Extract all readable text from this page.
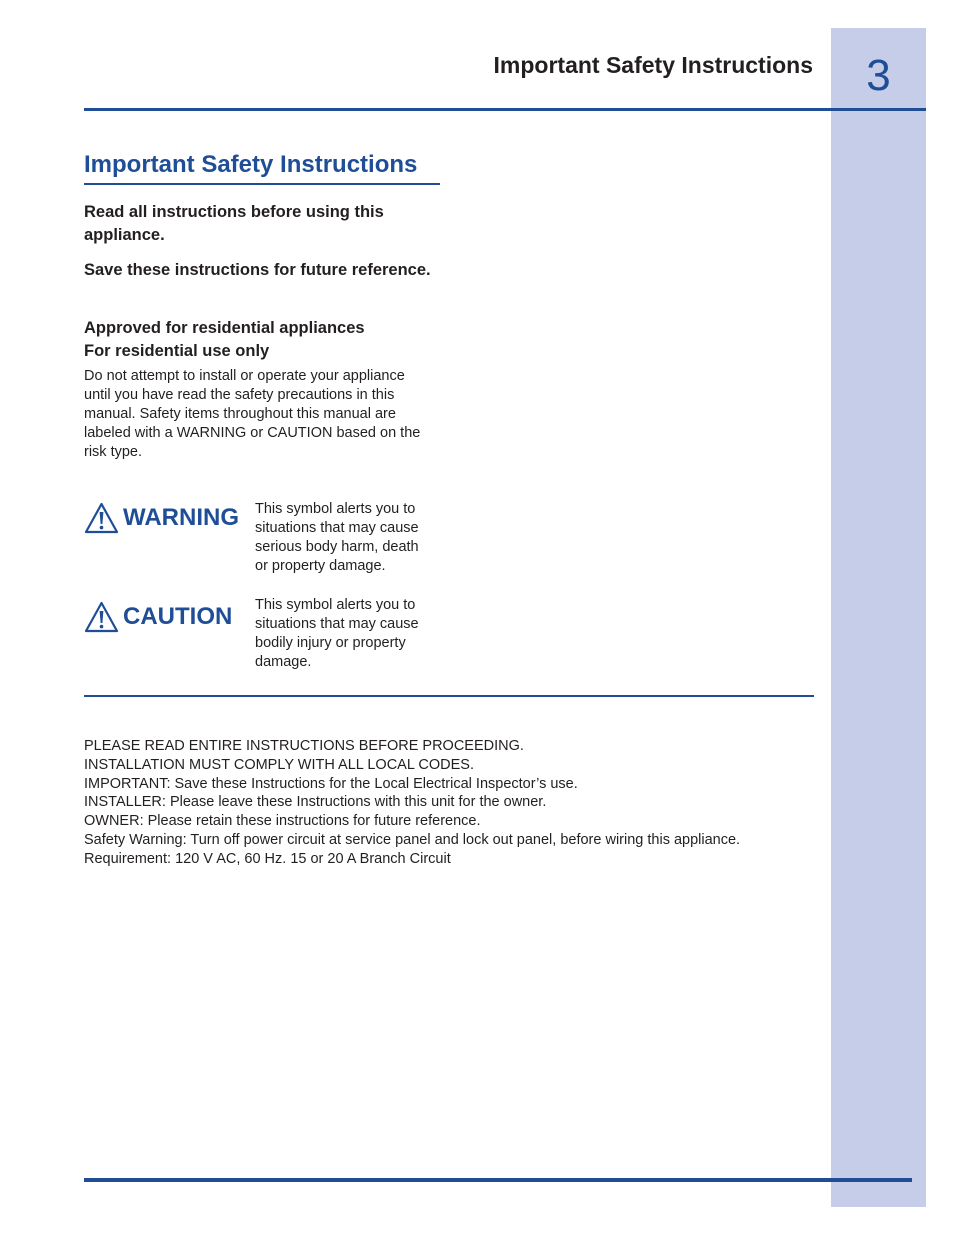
3
Important Safety Instructions
Important Safety Instructions
Read all instructions before using this appliance.
Save these instructions for future reference.
Approved for residential appliances
For residential use only
Do not attempt to install or operate your appliance until you have read the safety precautions in this manual. Safety items throughout this manual are labeled with a WARNING or CAUTION based on the risk type.
WARNING This symbol alerts you to situations that may cause serious body harm, death or property damage.
CAUTION This symbol alerts you to situations that may cause bodily injury or property damage.
PLEASE READ ENTIRE INSTRUCTIONS BEFORE PROCEEDING.
INSTALLATION MUST COMPLY WITH ALL LOCAL CODES.
IMPORTANT: Save these Instructions for the Local Electrical Inspector’s use.
INSTALLER: Please leave these Instructions with this unit for the owner.
OWNER: Please retain these instructions for future reference.
Safety Warning: Turn off power circuit at service panel and lock out panel, before wiring this appliance.
Requirement: 120 V AC, 60 Hz. 15 or 20 A Branch Circuit
